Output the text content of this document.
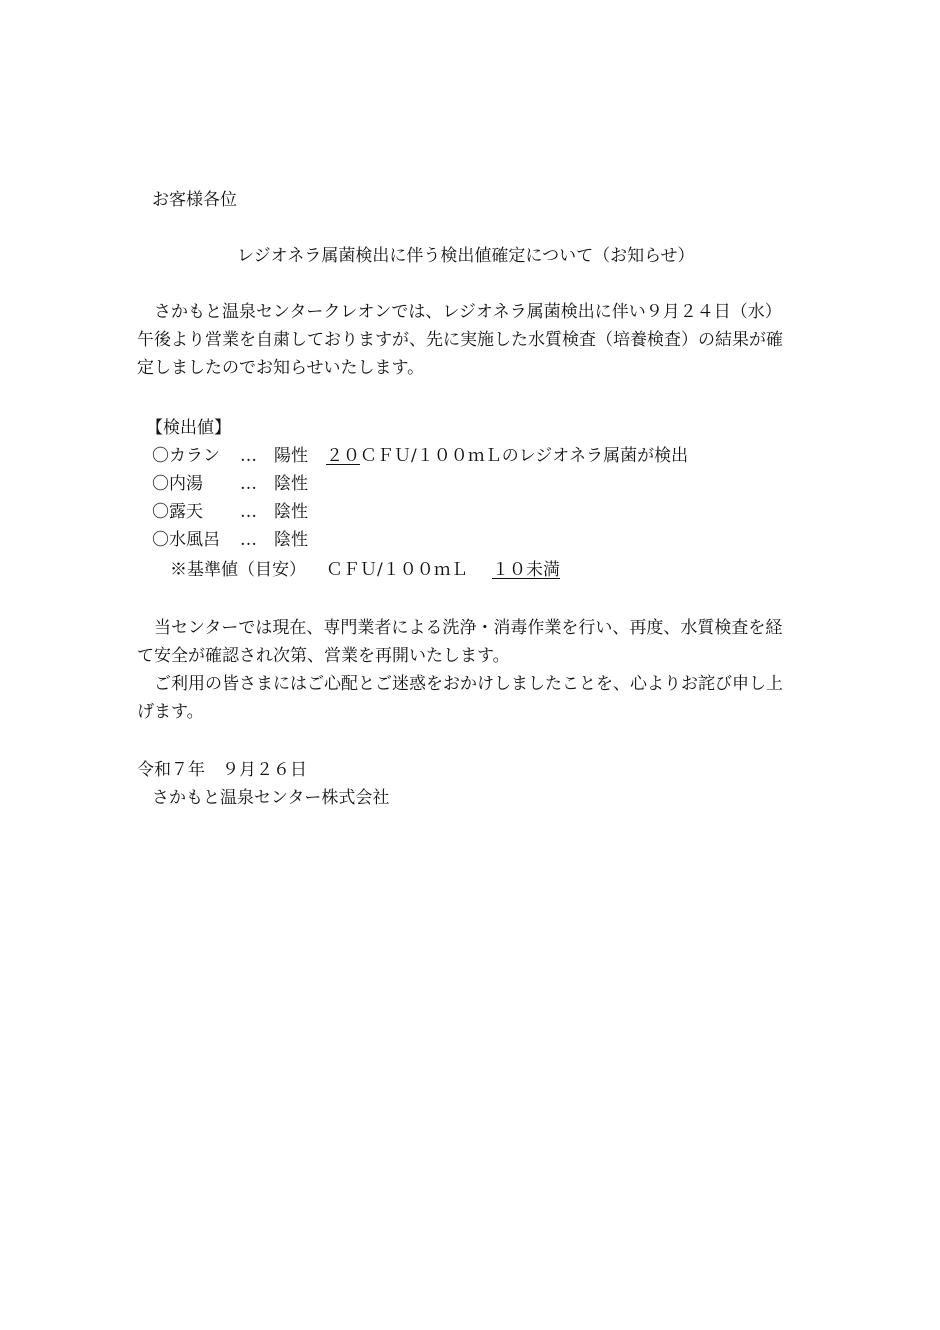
お客様各位
レジオネラ属菌検出に伴う検出値確定について（お知らせ）
　さかもと温泉センタークレオンでは、レジオネラ属菌検出に伴い９月２４日（水）
午後より営業を自粛しておりますが、先に実施した水質検査（培養検査）の結果が確
定しましたのでお知らせいたします。
【検出値】
〇カラン … 陽性 ２０ ＣＦＵ/１００ｍＬのレジオネラ属菌が検出
〇内湯 … 陰性
〇露天 … 陰性
〇水風呂 … 陰性
※基準値（目安） ＣＦＵ/１００ｍＬ １０未満
　当センターでは現在、専門業者による洗浄・消毒作業を行い、再度、水質検査を経
て安全が確認され次第、営業を再開いたします。
　ご利用の皆さまにはご心配とご迷惑をおかけしましたことを、心よりお詫び申し上
げます。
令和７年　９月２６日
さかもと温泉センター株式会社
